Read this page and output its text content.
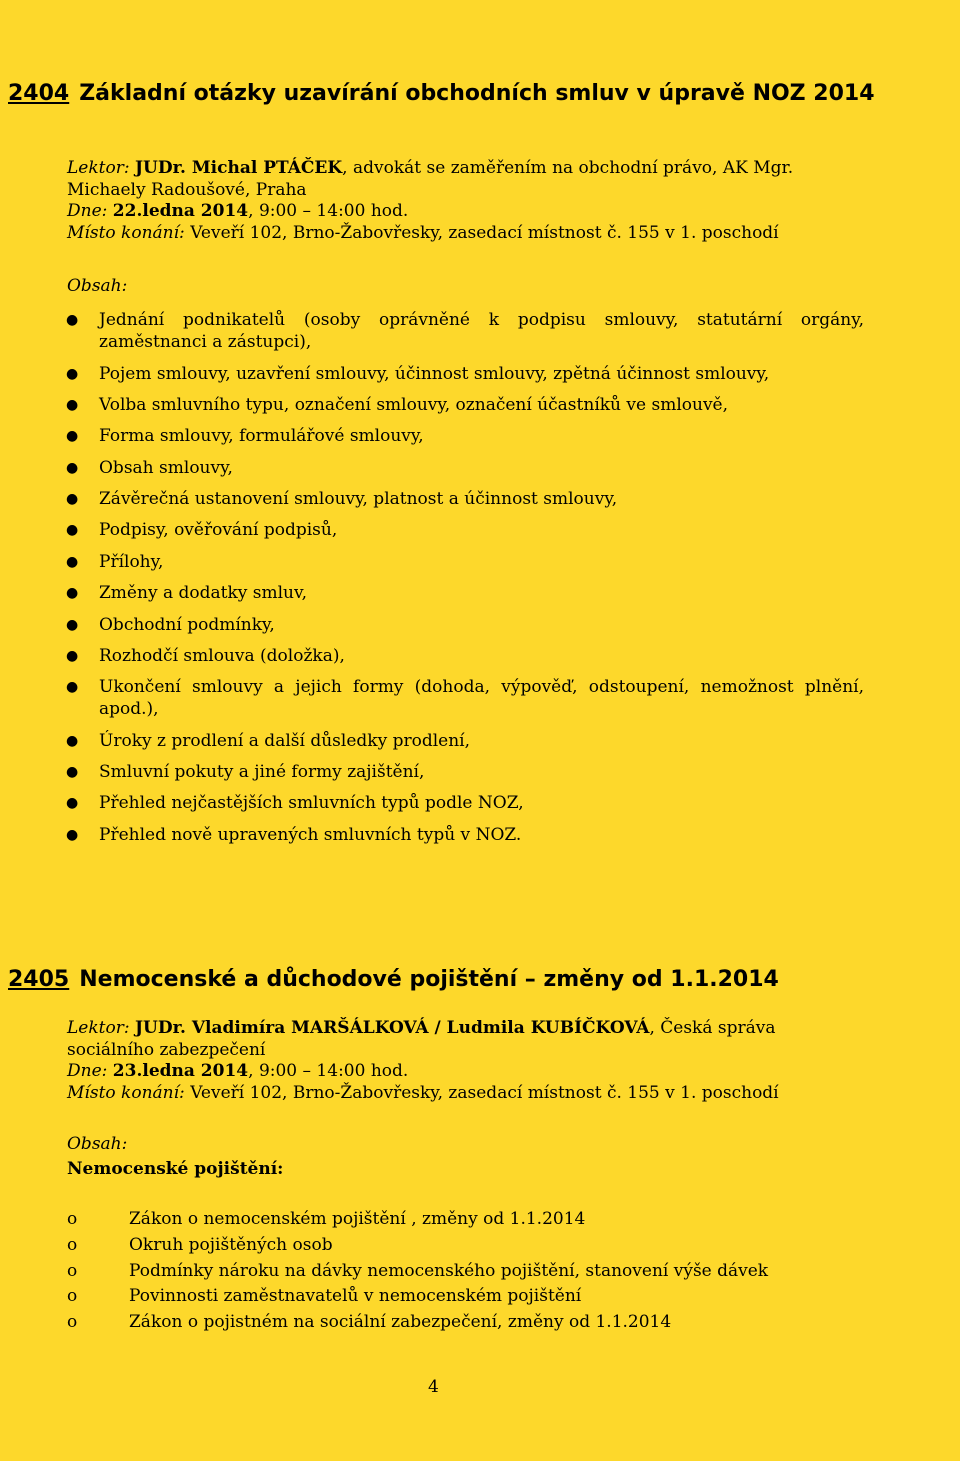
2404 Základní otázky uzavírání obchodních smluv v úpravě NOZ 2014

Lektor: JUDr. Michal PTÁČEK, advokát se zaměřením na obchodní právo, AK Mgr. Michaely Radoušové, Praha

Dne: 22.ledna 2014, 9:00 – 14:00 hod.

Místo konání: Veveří 102, Brno-Žabovřesky, zasedací místnost č. 155 v 1. poschodí

Obsah:

● Jednání podnikatelů (osoby oprávněné k podpisu smlouvy, statutární orgány, zaměstnanci a zástupci),
● Pojem smlouvy, uzavření smlouvy, účinnost smlouvy, zpětná účinnost smlouvy,
● Volba smluvního typu, označení smlouvy, označení účastníků ve smlouvě,
● Forma smlouvy, formulářové smlouvy,
● Obsah smlouvy,
● Závěrečná ustanovení smlouvy, platnost a účinnost smlouvy,
● Podpisy, ověřování podpisů,
● Přílohy,
● Změny a dodatky smluv,
● Obchodní podmínky,
● Rozhodčí smlouva (doložka),
● Ukončení smlouvy a jejich formy (dohoda, výpověď, odstoupení, nemožnost plnění, apod.),
● Úroky z prodlení a další důsledky prodlení,
● Smluvní pokuty a jiné formy zajištění,
● Přehled nejčastějších smluvních typů podle NOZ,
● Přehled nově upravených smluvních typů v NOZ.
2405 Nemocenské a důchodové pojištění – změny od 1.1.2014

Lektor: JUDr. Vladimíra MARŠÁLKOVÁ / Ludmila KUBÍČKOVÁ, Česká správa sociálního zabezpečení

Dne: 23.ledna 2014, 9:00 – 14:00 hod.

Místo konání: Veveří 102, Brno-Žabovřesky, zasedací místnost č. 155 v 1. poschodí

Obsah:

Nemocenské pojištění:

o	Zákon o nemocenském pojištění , změny od 1.1.2014
o	Okruh pojištěných osob
o	Podmínky nároku na dávky nemocenského pojištění, stanovení výše dávek
o	Povinnosti zaměstnavatelů v nemocenském pojištění
o	Zákon o pojistném na sociální zabezpečení, změny od 1.1.2014

4
